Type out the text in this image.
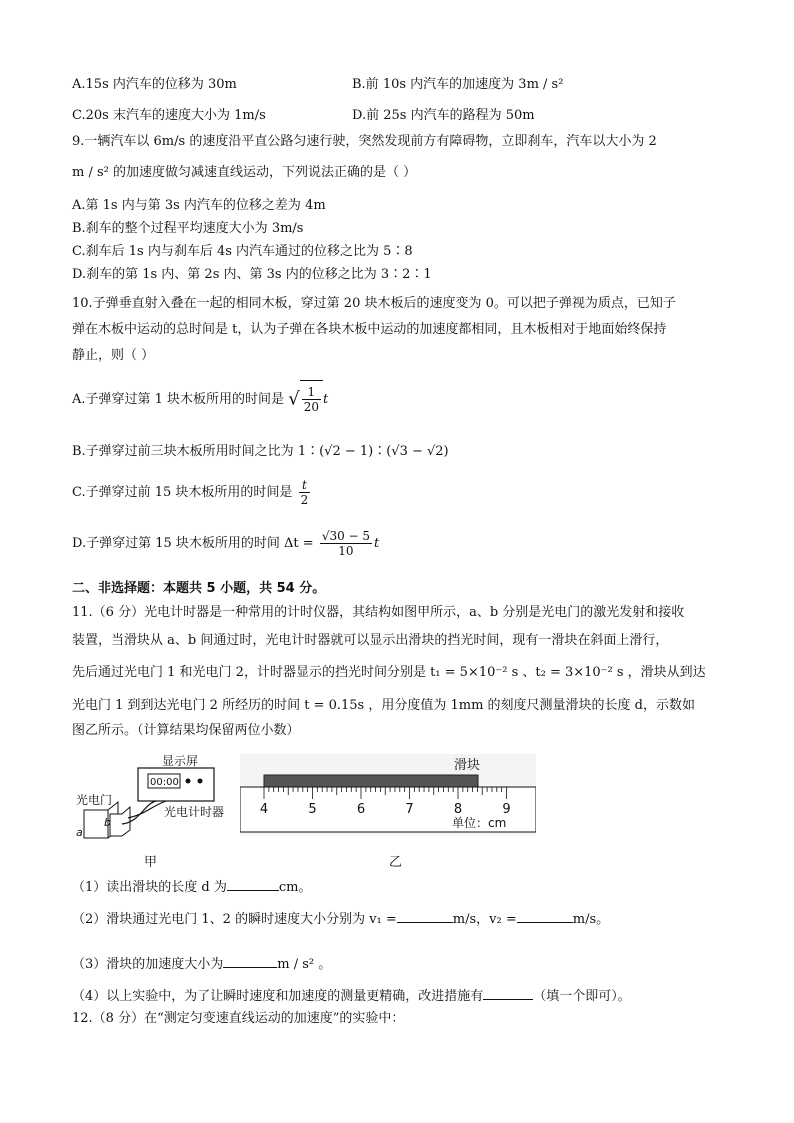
A.15s 内汽车的位移为 30m	B.前 10s 内汽车的加速度为 3m / s²
C.20s 末汽车的速度大小为 1m/s	D.前 25s 内汽车的路程为 50m
9.一辆汽车以 6m/s 的速度沿平直公路匀速行驶，突然发现前方有障碍物，立即刹车，汽车以大小为 2
m / s² 的加速度做匀减速直线运动，下列说法正确的是（ ）
A.第 1s 内与第 3s 内汽车的位移之差为 4m
B.刹车的整个过程平均速度大小为 3m/s
C.刹车后 1s 内与刹车后 4s 内汽车通过的位移之比为 5∶8
D.刹车的第 1s 内、第 2s 内、第 3s 内的位移之比为 3∶2∶1
10.子弹垂直射入叠在一起的相同木板，穿过第 20 块木板后的速度变为 0。可以把子弹视为质点，已知子
弹在木板中运动的总时间是 t，认为子弹在各块木板中运动的加速度都相同，且木板相对于地面始终保持
静止，则（ ）
A.子弹穿过第 1 块木板所用的时间是 √ $\frac{1}{20}$ t
B.子弹穿过前三块木板所用时间之比为 1∶(√2 − 1)∶(√3 − √2)
C.子弹穿过前 15 块木板所用的时间是 $\frac{t}{2}$
D.子弹穿过第 15 块木板所用的时间 $\Delta t = \frac{√30 - 5}{10}$ t
二、非选择题：本题共 5 小题，共 54 分。
11.（6 分）光电计时器是一种常用的计时仪器，其结构如图甲所示，a、b 分别是光电门的激光发射和接收
装置，当滑块从 a、b 间通过时，光电计时器就可以显示出滑块的挡光时间，现有一滑块在斜面上滑行，
先后通过光电门 1 和光电门 2，计时器显示的挡光时间分别是 t₁ = 5×10⁻² s 、t₂ = 3×10⁻² s ，滑块从到达
光电门 1 到到达光电门 2 所经历的时间 t = 0.15s ，用分度值为 1mm 的刻度尺测量滑块的长度 d，示数如
图乙所示。（计算结果均保留两位小数）
显示屏
00:00
光电门
a
b
光电计时器
甲
滑块
4	5	6	7	8	9
单位：cm
乙
（1）读出滑块的长度 d 为	cm。
（2）滑块通过光电门 1、2 的瞬时速度大小分别为 v₁ =	m/s，v₂ =	m/s。
（3）滑块的加速度大小为	m / s² 。
（4）以上实验中，为了让瞬时速度和加速度的测量更精确，改进措施有	（填一个即可）。
12.（8 分）在“测定匀变速直线运动的加速度”的实验中：
